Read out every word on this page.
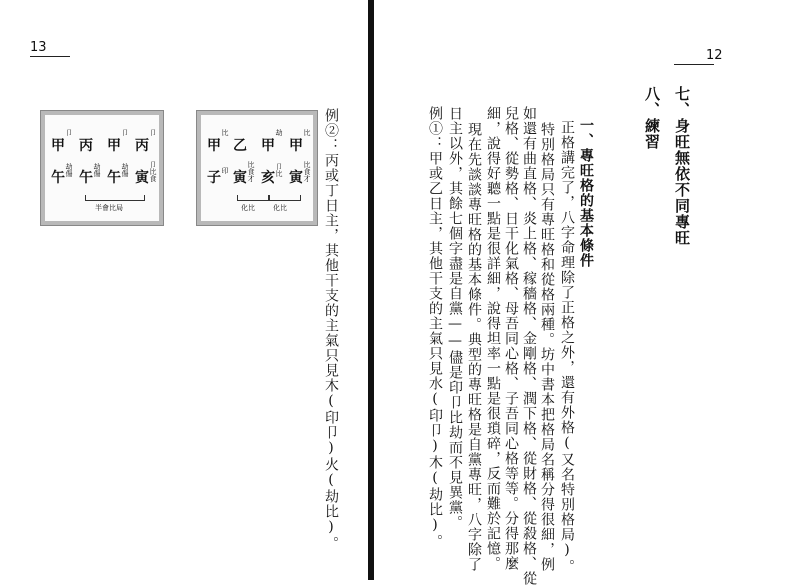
13
甲
比
寅 比食才
甲
劫
亥 卩比
乙
寅 比食才
甲
比
子 印
化比	化比
丙
卩
寅 卩比食
甲
卩
午 劫傷
丙
午 劫傷
甲
卩
午 劫傷
半會比局	例②：丙或丁日主，其他干支的主氣只見木(印卩)火(劫比)。
12
七、身旺無依不同專旺
八、練習
一、專旺格的基本條件
正格講完了，八字命理除了正格之外，還有外格(又名特別格局)。
特別格局只有專旺格和從格兩種。坊中書本把格局名稱分得很細，例
如還有曲直格、炎上格、稼穡格、金剛格、潤下格、從財格、從殺格、從
兒格、從勢格、日干化氣格、母吾同心格、子吾同心格等等。分得那麼
細，說得好聽一點是很詳細，說得坦率一點是很瑣碎，反而難於記憶。
現在先談談專旺格的基本條件。典型的專旺格是自黨專旺，八字除了
日主以外，其餘七個字盡是自黨——儘是印卩比劫而不見異黨。
例①：甲或乙日主，其他干支的主氣只見水(印卩)木(劫比)。
